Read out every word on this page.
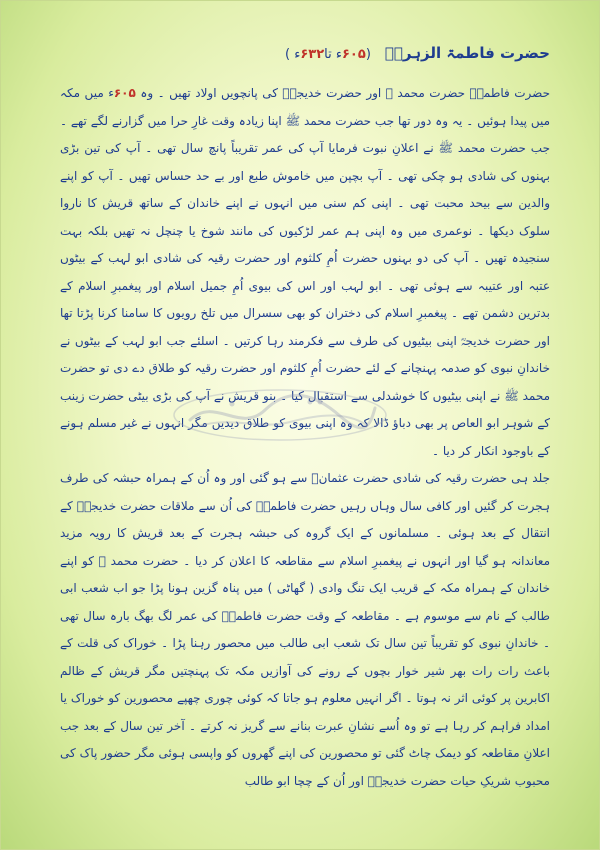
حضرت فاطمۃ الزہرہؓ
(۶۰۵ء تا۶۳۲ء )

حضرت فاطمہؓ حضرت محمد ﷺ اور حضرت خدیجہؓ کی پانچویں اولاد تھیں ۔ وہ ۶۰۵ء میں مکہ میں پیدا ہوئیں ۔ یہ وہ دور تھا جب حضرت محمد ﷺ اپنا زیادہ وقت غارِ حرا میں گزارنے لگے تھے ۔ جب حضرت محمد ﷺ نے اعلانِ نبوت فرمایا آپ کی عمر تقریباً پانچ سال تھی ۔ آپ کی تین بڑی بہنوں کی شادی ہو چکی تھی ۔ آپ بچپن میں خاموش طبع اور بے حد حساس تھیں ۔ آپ کو اپنے والدین سے بیحد محبت تھی ۔ اپنی کم سنی میں انہوں نے اپنے خاندان کے ساتھ قریش کا ناروا سلوک دیکھا ۔ نوعمری میں وہ اپنی ہم عمر لڑکیوں کی مانند شوخ یا چنچل نہ تھیں بلکہ بہت سنجیدہ تھیں ۔ آپ کی دو بہنوں حضرت اُمِ کلثوم اور حضرت رقیہ کی شادی ابو لہب کے بیٹوں عتبہ اور عتیبہ سے ہوئی تھی ۔ ابو لہب اور اس کی بیوی اُمِ جمیل اسلام اور پیغمبرِ اسلام کے بدترین دشمن تھے ۔ پیغمبرِ اسلام کی دختران کو بھی سسرال میں تلخ رویوں کا سامنا کرنا پڑتا تھا اور حضرت خدیجہؓ اپنی بیٹیوں کی طرف سے فکرمند رہا کرتیں ۔ اسلئے جب ابو لہب کے بیٹوں نے خاندانِ نبوی کو صدمہ پہنچانے کے لئے حضرت اُمِ کلثوم اور حضرت رقیہ کو طلاق دے دی تو حضرت محمد ﷺ نے اپنی بیٹیوں کا خوشدلی سے استقبال کیا ۔ بنو قریش نے آپ کی بڑی بیٹی حضرت زینب کے شوہر ابو العاص پر بھی دباؤ ڈالا کہ وہ اپنی بیوی کو طلاق دیدیں مگر انہوں نے غیر مسلم ہونے کے باوجود انکار کر دیا ۔

جلد ہی حضرت رقیہ کی شادی حضرت عثمانؓ سے ہو گئی اور وہ اُن کے ہمراہ حبشہ کی طرف ہجرت کر گئیں اور کافی سال وہاں رہیں حضرت فاطمہؓ کی اُن سے ملاقات حضرت خدیجہؓ کے انتقال کے بعد ہوئی ۔ مسلمانوں کے ایک گروہ کی حبشہ ہجرت کے بعد قریش کا رویہ مزید معاندانہ ہو گیا اور انہوں نے پیغمبرِ اسلام سے مقاطعہ کا اعلان کر دیا ۔ حضرت محمد ﷺ کو اپنے خاندان کے ہمراہ مکہ کے قریب ایک تنگ وادی ( گھاٹی ) میں پناہ گزین ہونا پڑا جو اب شعب ابی طالب کے نام سے موسوم ہے ۔ مقاطعہ کے وقت حضرت فاطمہؓ کی عمر لگ بھگ بارہ سال تھی ۔ خاندانِ نبوی کو تقریباً تین سال تک شعب ابی طالب میں محصور رہنا پڑا ۔ خوراک کی قلت کے باعث رات رات بھر شیر خوار بچوں کے رونے کی آوازیں مکہ تک پہنچتیں مگر قریش کے ظالم اکابرین پر کوئی اثر نہ ہوتا ۔ اگر انہیں معلوم ہو جاتا کہ کوئی چوری چھپے محصورین کو خوراک یا امداد فراہم کر رہا ہے تو وہ اُسے نشانِ عبرت بنانے سے گریز نہ کرتے ۔ آخر تین سال کے بعد جب اعلانِ مقاطعہ کو دیمک چاٹ گئی تو محصورین کی اپنے گھروں کو واپسی ہوئی مگر حضور پاک کی محبوب شریکِ حیات حضرت خدیجہؓ اور اُن کے چچا ابو طالب
